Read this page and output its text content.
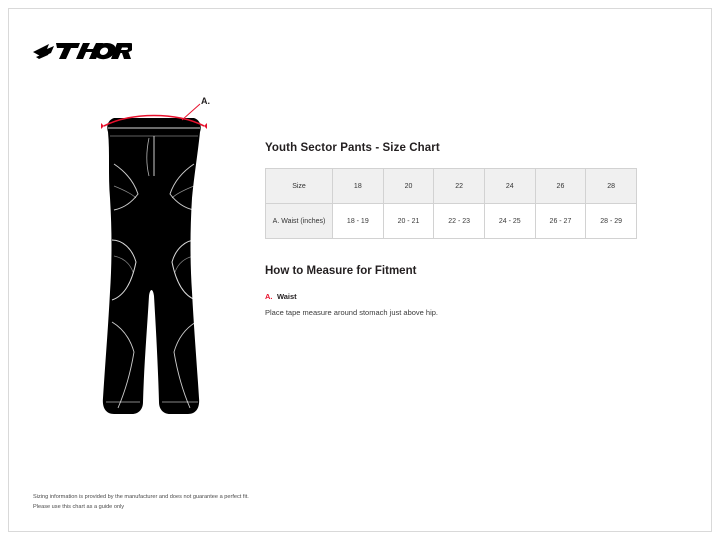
A.
Youth Sector Pants - Size Chart
Size	18	20	22	24	26	28
A. Waist (inches)	18 - 19	20 - 21	22 - 23	24 - 25	26 - 27	28 - 29
How to Measure for Fitment
A. Waist
Place tape measure around stomach just above hip.
Sizing information is provided by the manufacturer and does not guarantee a perfect fit.
Please use this chart as a guide only
